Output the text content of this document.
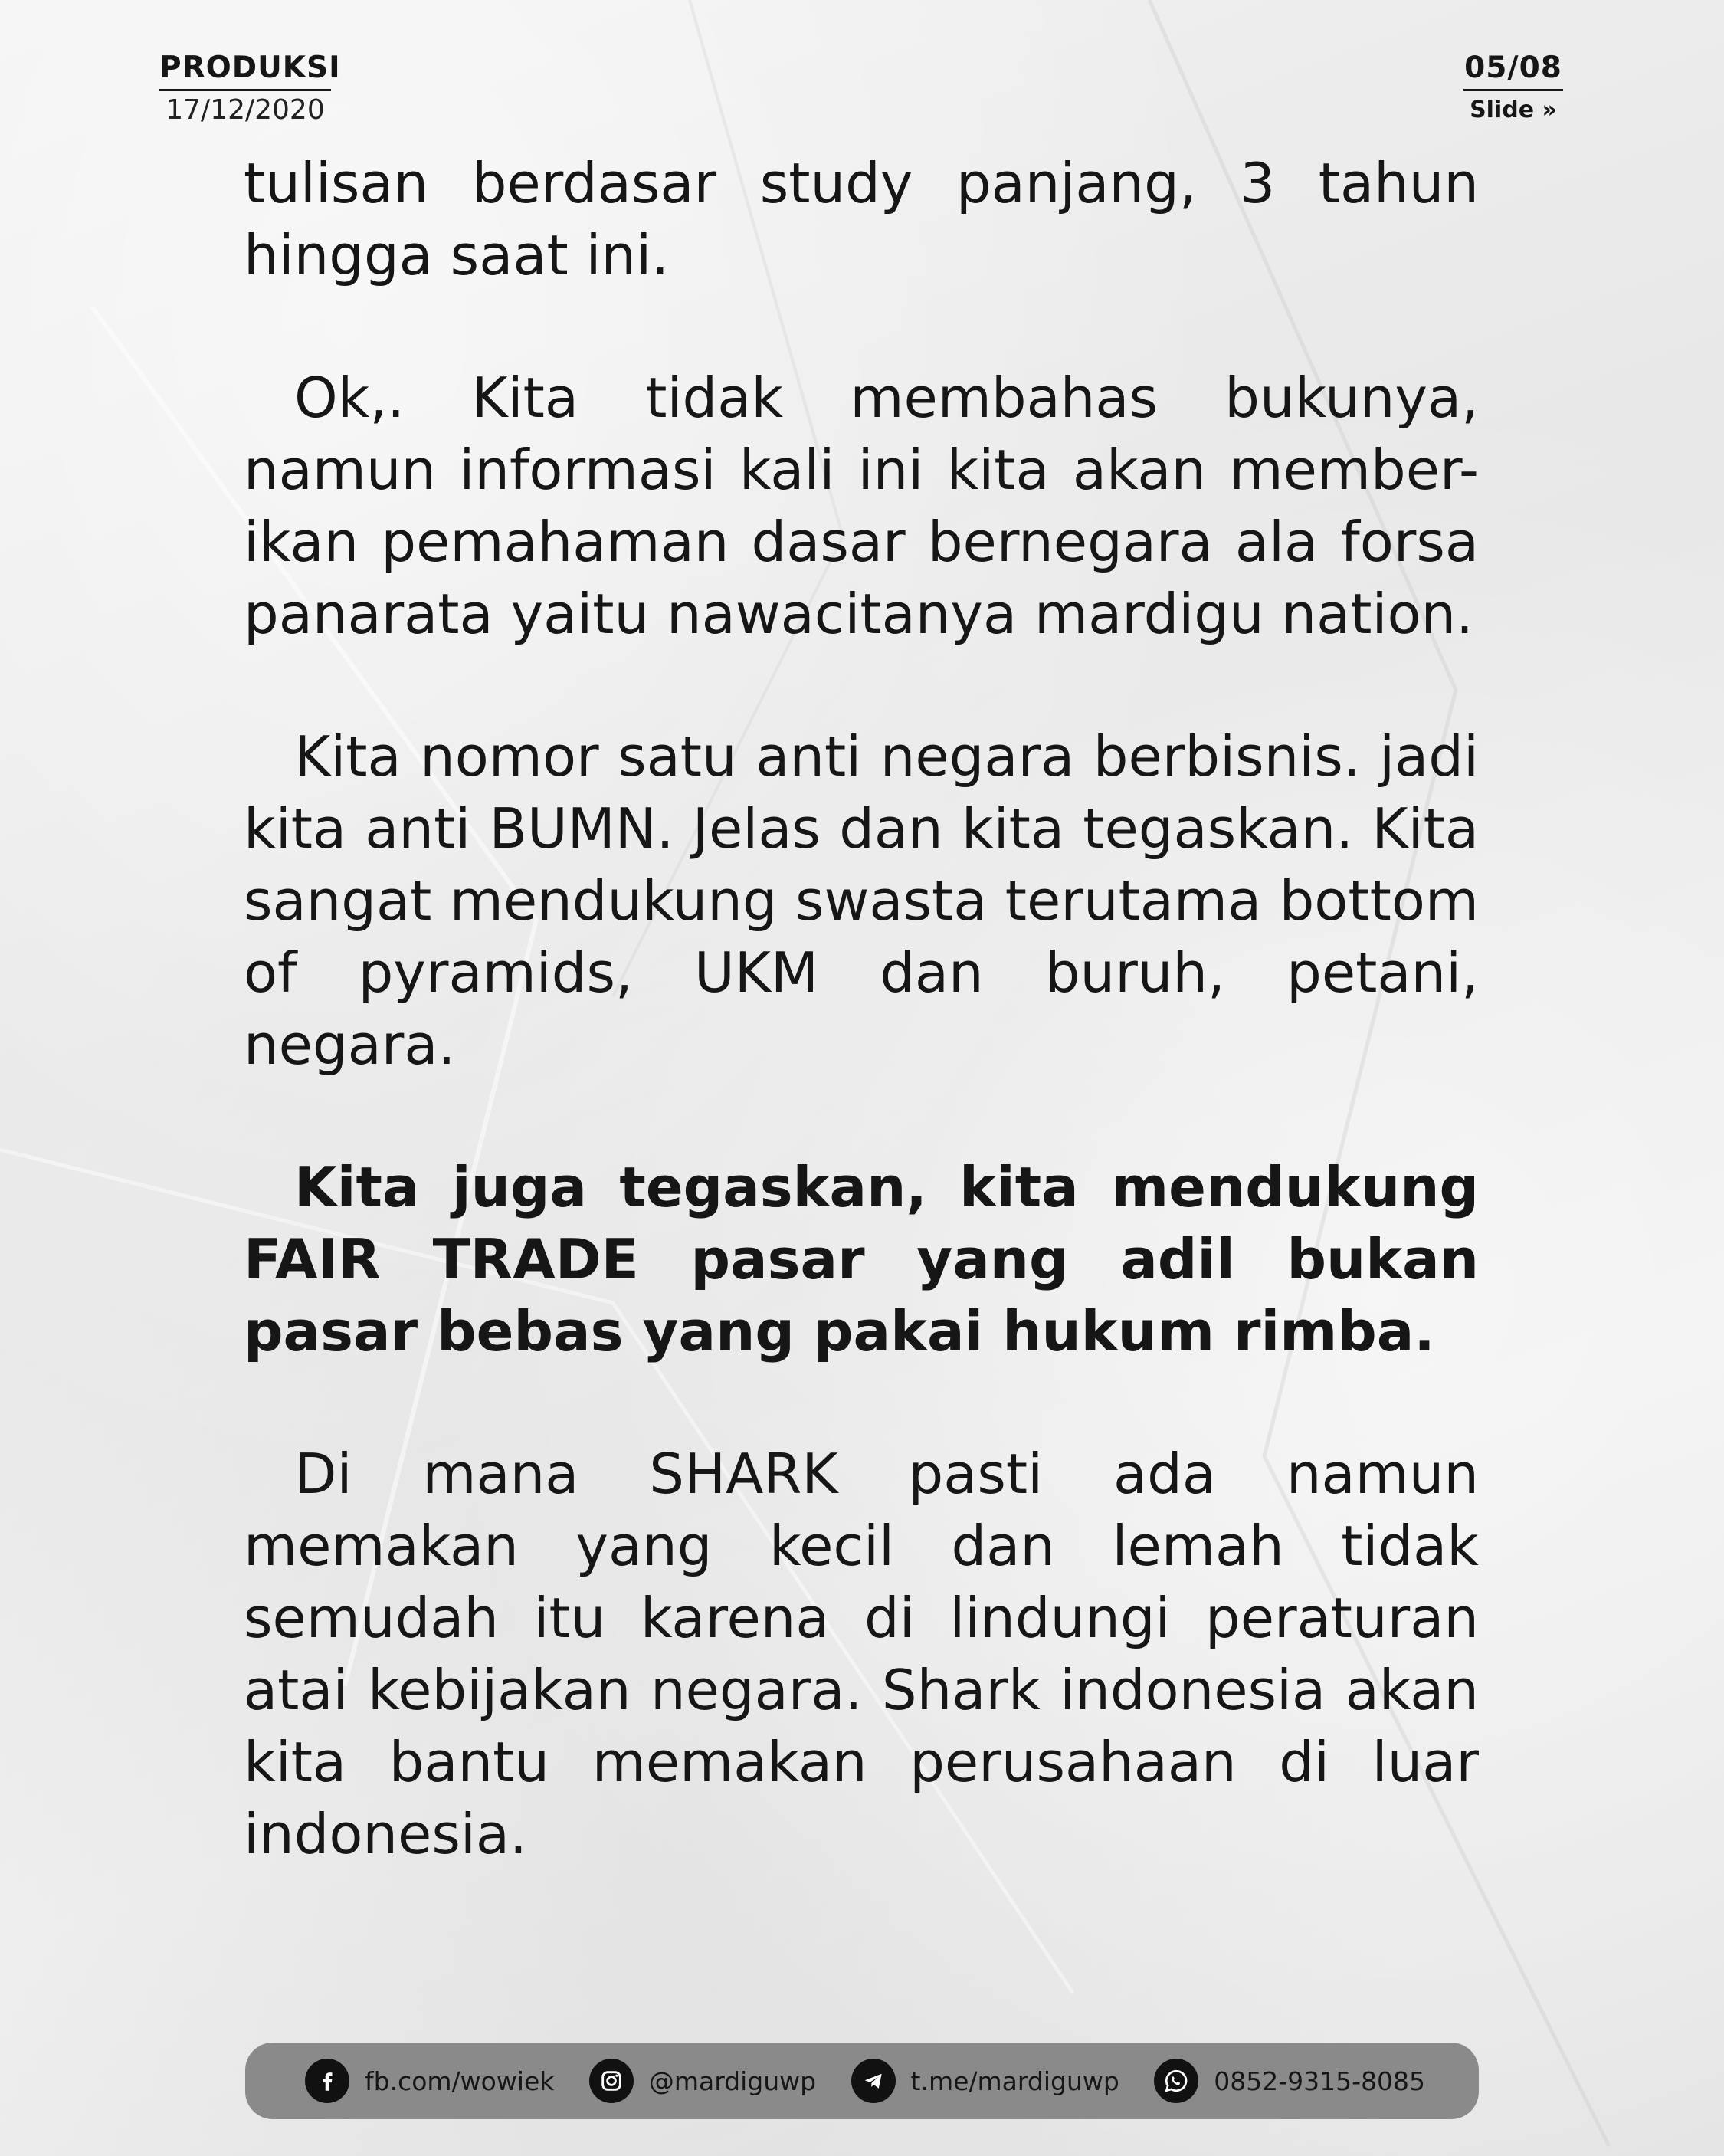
PRODUKSI
17/12/2020
05/08
Slide »

tulisan berdasar study panjang, 3 tahun hingga saat ini.

Ok,. Kita tidak membahas bukunya, namun informasi kali ini kita akan member-ikan pemahaman dasar bernegara ala forsa panarata yaitu nawacitanya mardigu nation.

Kita nomor satu anti negara berbisnis. jadi kita anti BUMN. Jelas dan kita tegaskan. Kita sangat mendukung swasta terutama bottom of pyramids, UKM dan buruh, petani, negara.

Kita juga tegaskan, kita mendukung FAIR TRADE pasar yang adil bukan pasar bebas yang pakai hukum rimba.

Di mana SHARK pasti ada namun memakan yang kecil dan lemah tidak semudah itu karena di lindungi peraturan atai kebijakan negara. Shark indonesia akan kita bantu memakan perusahaan di luar indonesia.

fb.com/wowiek	@mardiguwp	t.me/mardiguwp	0852-9315-8085
